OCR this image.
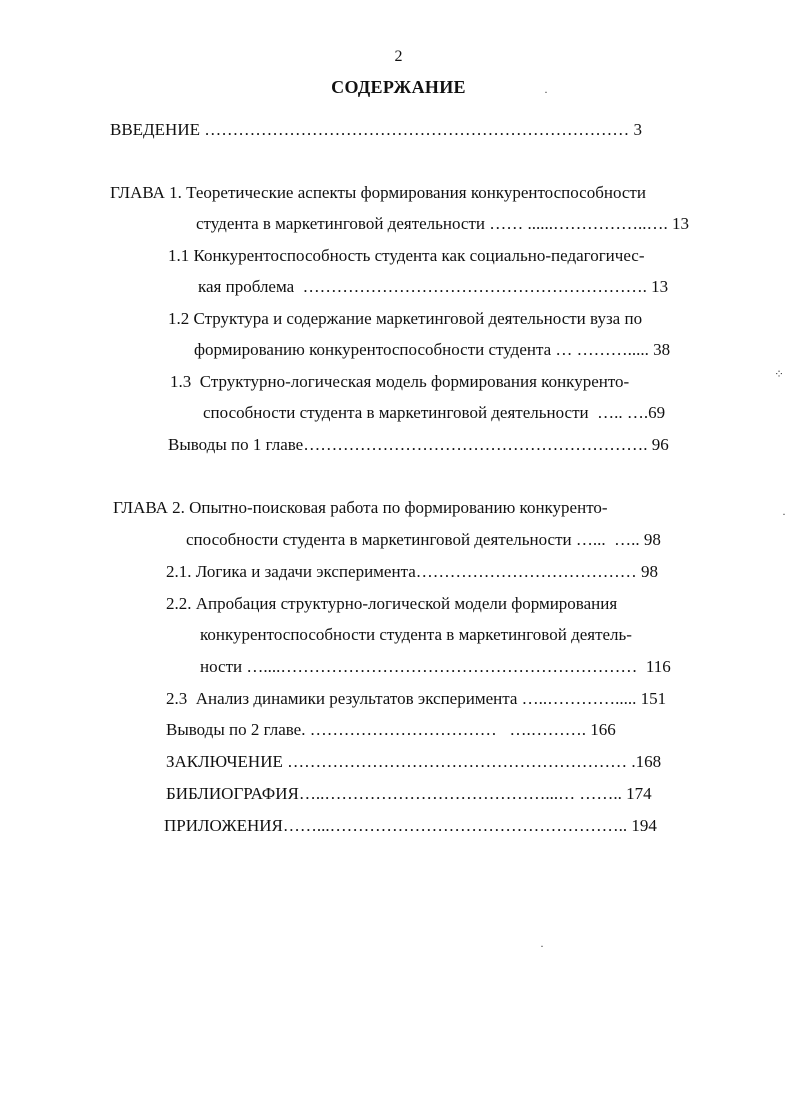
2
СОДЕРЖАНИЕ
ВВЕДЕНИЕ ………………………………………………………………… 3
ГЛАВА 1. Теоретические аспекты формирования конкурентоспособности
студента в маркетинговой деятельности …… ......……………..…. 13
1.1 Конкурентоспособность студента как социально-педагогичес-
кая проблема  ……………………………………………………. 13
1.2 Структура и содержание маркетинговой деятельности вуза по
формированию конкурентоспособности студента … ………..... 38
1.3  Структурно-логическая модель формирования конкуренто-
способности студента в маркетинговой деятельности  ….. ….69
Выводы по 1 главе……………………………………………………. 96
ГЛАВА 2. Опытно-поисковая работа по формированию конкуренто-
способности студента в маркетинговой деятельности …...  ….. 98
2.1. Логика и задачи эксперимента………………………………… 98
2.2. Апробация структурно-логической модели формирования
конкурентоспособности студента в маркетинговой деятель-
ности …....………………………………………………………  116
2.3  Анализ динамики результатов эксперимента …..…………..... 151
Выводы по 2 главе. ……………………………   ….………. 166
ЗАКЛЮЧЕНИЕ …………………………………………………… .168
БИБЛИОГРАФИЯ…..…………………………………...… …….. 174
ПРИЛОЖЕНИЯ……...…………………………………………….. 194
·
⁘
·
·
